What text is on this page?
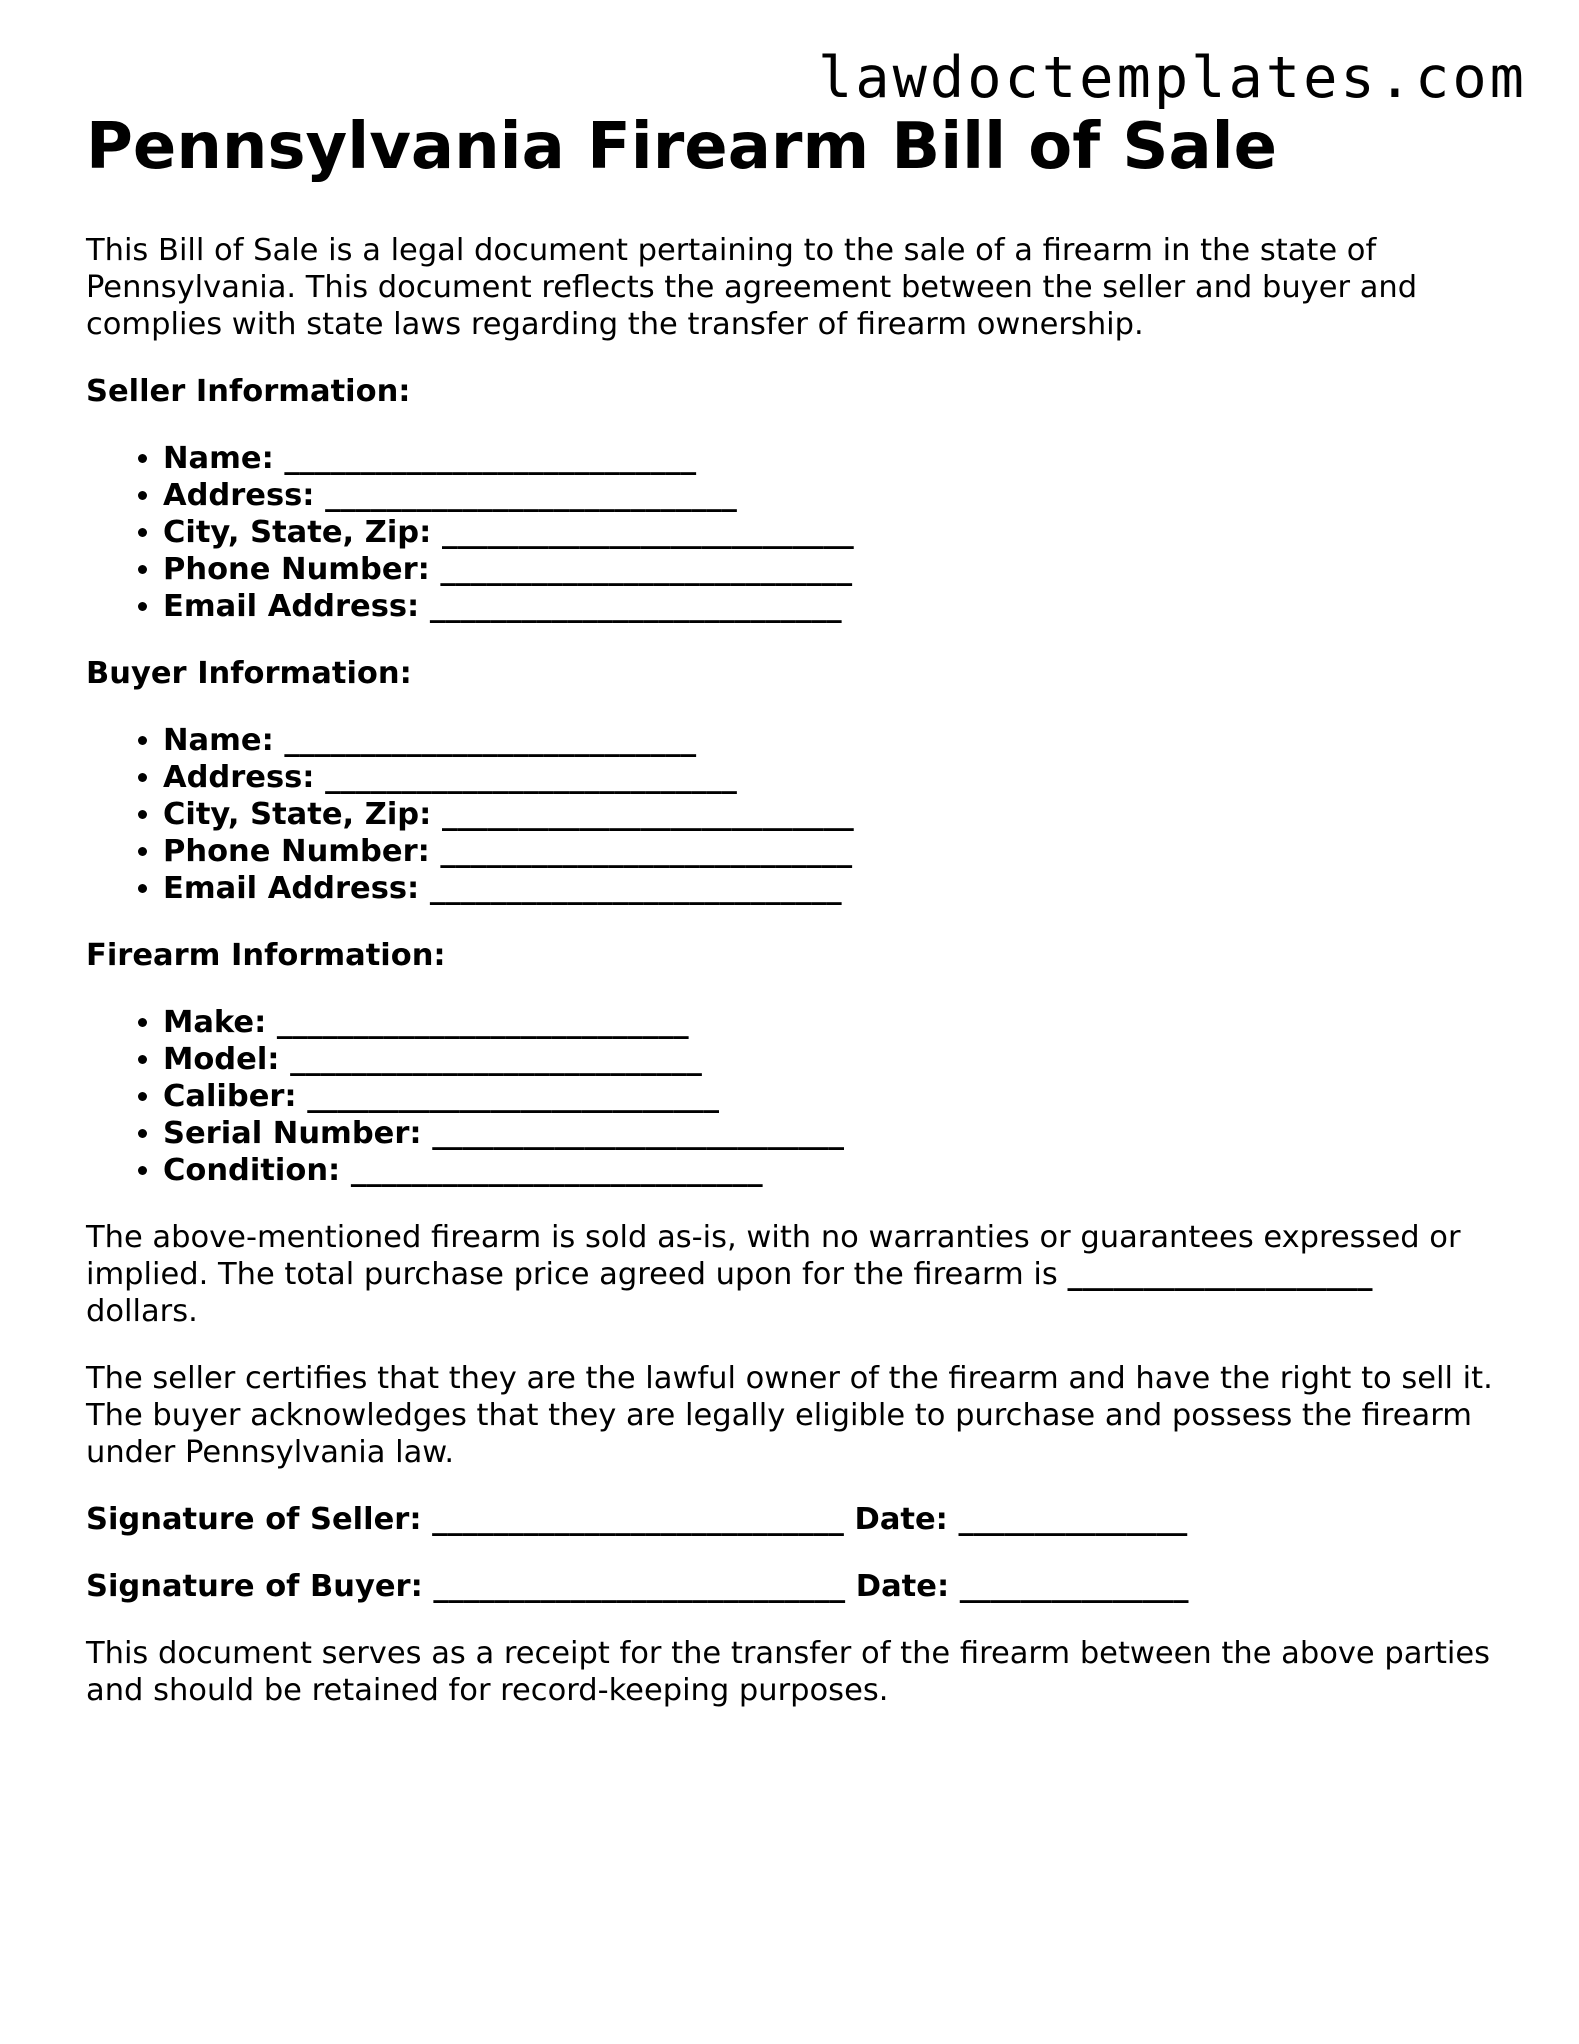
lawdoctemplates.com
Pennsylvania Firearm Bill of Sale

This Bill of Sale is a legal document pertaining to the sale of a firearm in the state of Pennsylvania. This document reflects the agreement between the seller and buyer and complies with state laws regarding the transfer of firearm ownership.

Seller Information:
• Name: ___________________________
• Address: ___________________________
• City, State, Zip: ___________________________
• Phone Number: ___________________________
• Email Address: ___________________________
Buyer Information:
• Name: ___________________________
• Address: ___________________________
• City, State, Zip: ___________________________
• Phone Number: ___________________________
• Email Address: ___________________________
Firearm Information:
• Make: ___________________________
• Model: ___________________________
• Caliber: ___________________________
• Serial Number: ___________________________
• Condition: ___________________________

The above-mentioned firearm is sold as-is, with no warranties or guarantees expressed or implied. The total purchase price agreed upon for the firearm is ____________________
dollars.

The seller certifies that they are the lawful owner of the firearm and have the right to sell it. The buyer acknowledges that they are legally eligible to purchase and possess the firearm under Pennsylvania law.

Signature of Seller: ___________________________ Date: _______________
Signature of Buyer: ___________________________ Date: _______________

This document serves as a receipt for the transfer of the firearm between the above parties and should be retained for record-keeping purposes.
